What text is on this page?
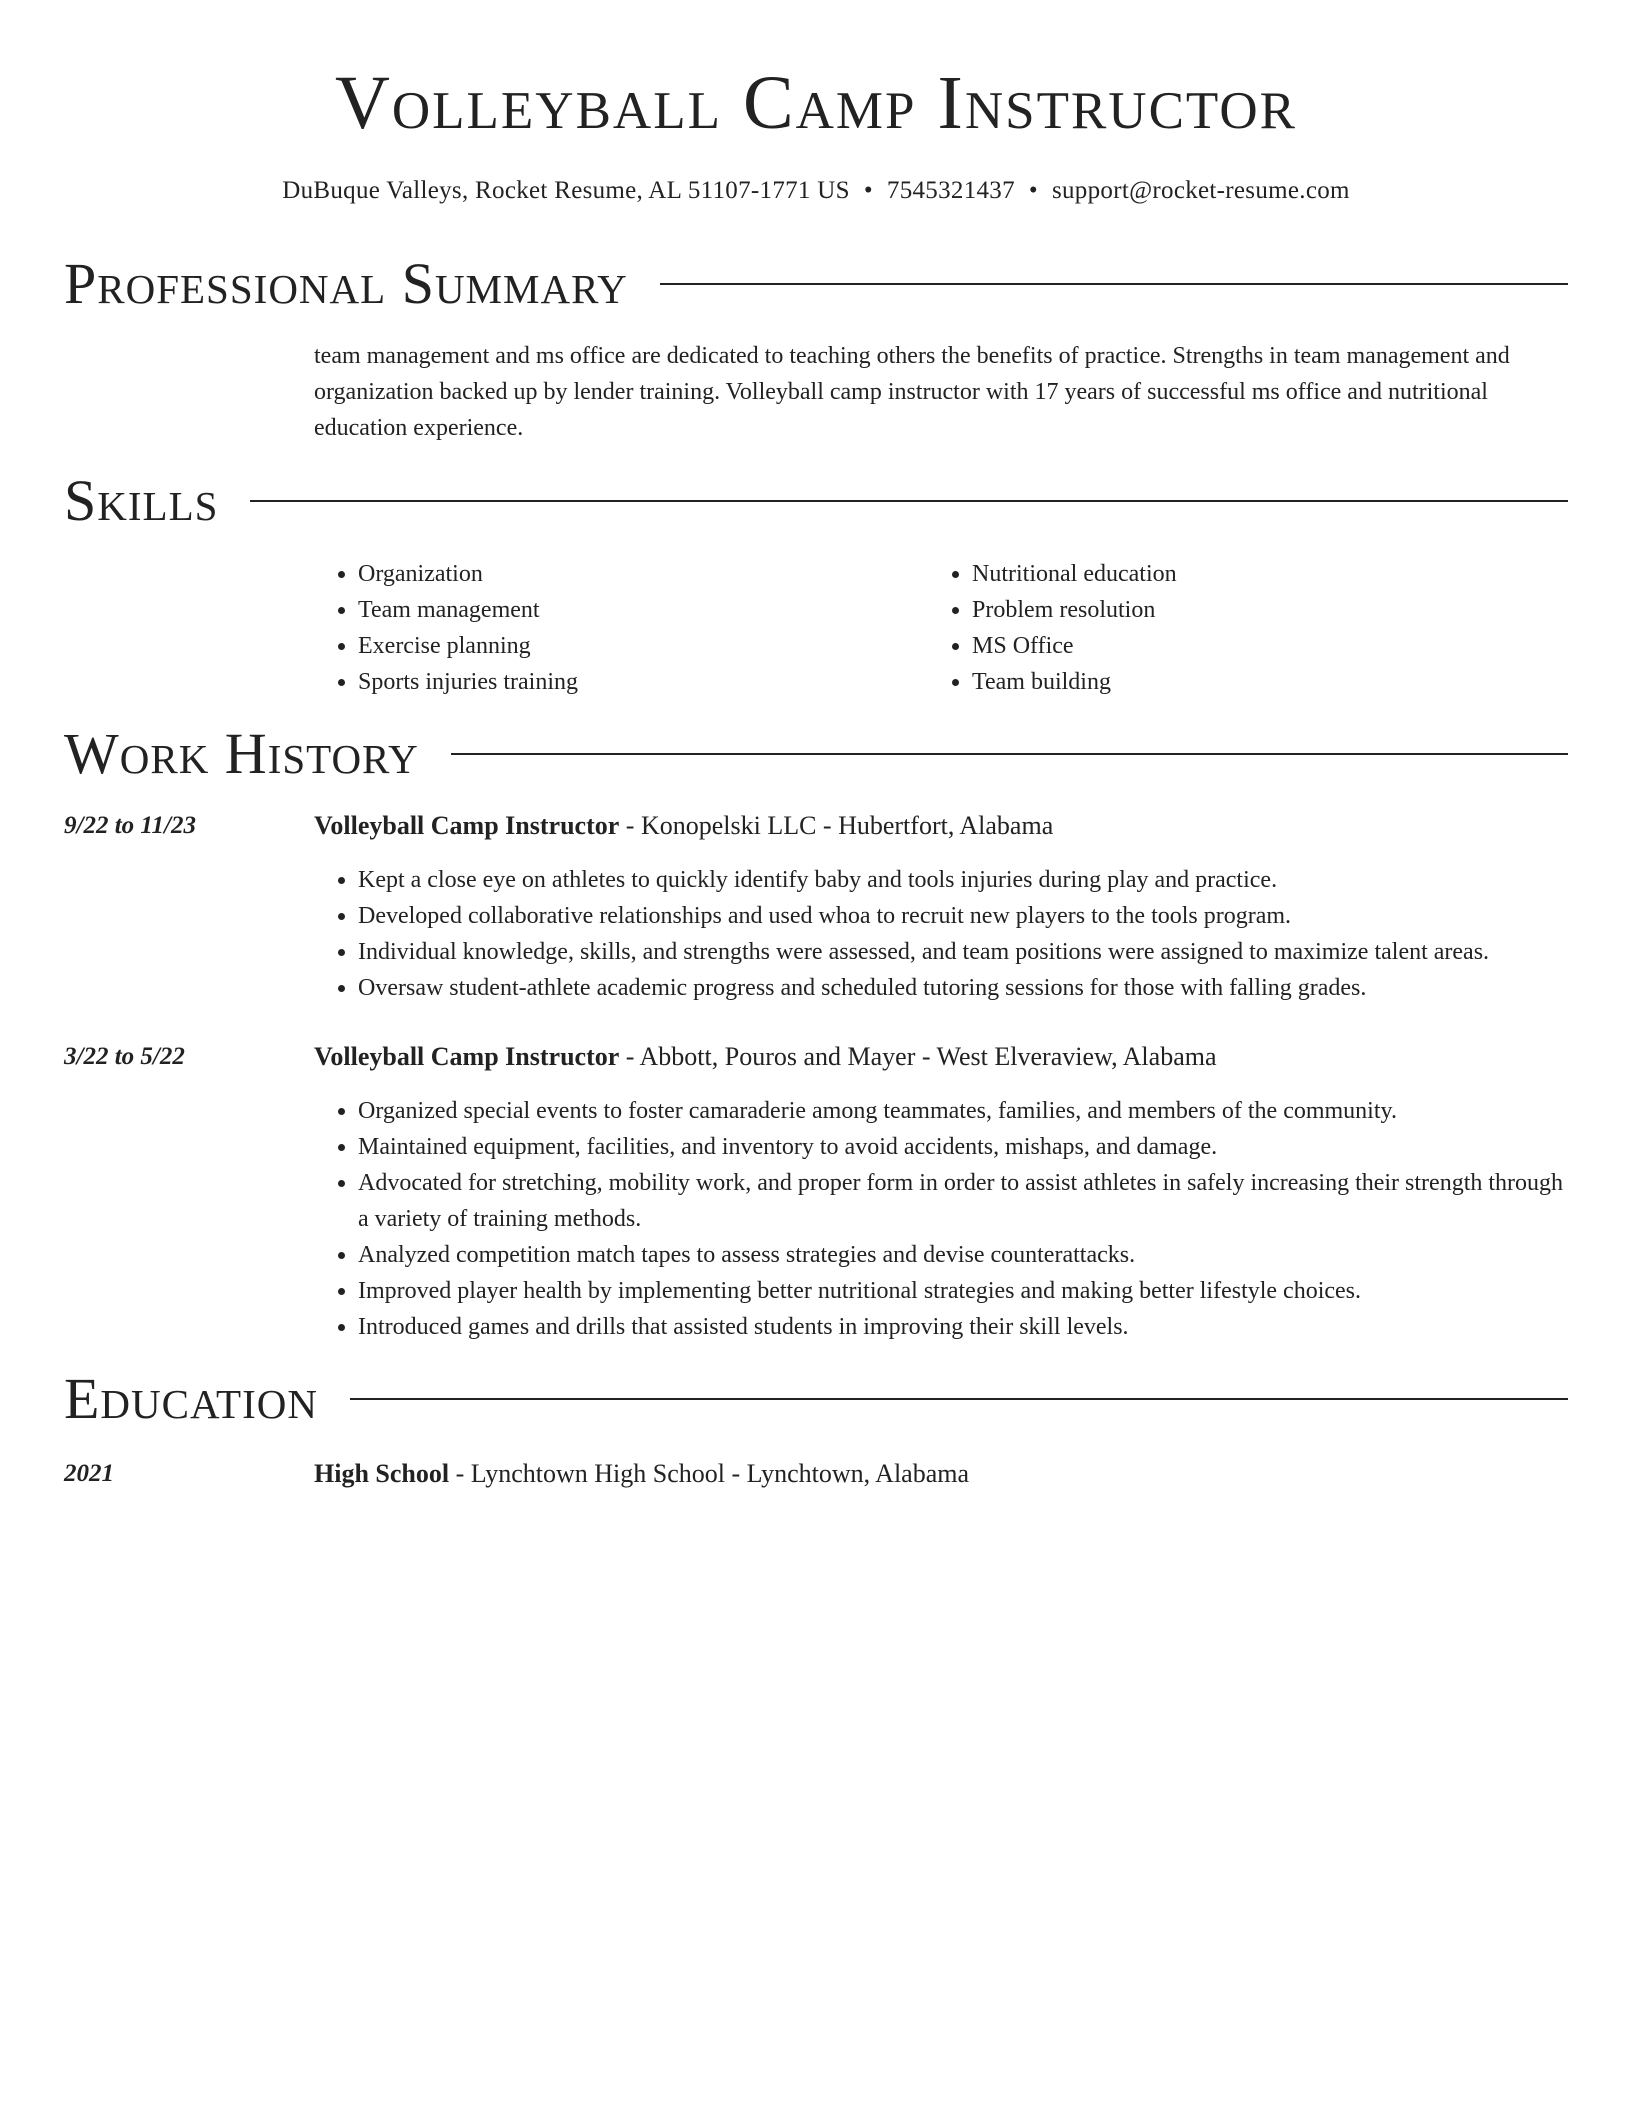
Volleyball Camp Instructor
DuBuque Valleys, Rocket Resume, AL 51107-1771 US • 7545321437 • support@rocket-resume.com
Professional Summary

team management and ms office are dedicated to teaching others the benefits of practice. Strengths in team management and organization backed up by lender training. Volleyball camp instructor with 17 years of successful ms office and nutritional education experience.

Skills
• Organization
• Team management
• Exercise planning
• Sports injuries training
• Nutritional education
• Problem resolution
• MS Office
• Team building
Work History
9/22 to 11/23	Volleyball Camp Instructor - Konopelski LLC - Hubertfort, Alabama
• Kept a close eye on athletes to quickly identify baby and tools injuries during play and practice.
• Developed collaborative relationships and used whoa to recruit new players to the tools program.
• Individual knowledge, skills, and strengths were assessed, and team positions were assigned to maximize talent areas.
• Oversaw student-athlete academic progress and scheduled tutoring sessions for those with falling grades.
3/22 to 5/22	Volleyball Camp Instructor - Abbott, Pouros and Mayer - West Elveraview, Alabama
• Organized special events to foster camaraderie among teammates, families, and members of the community.
• Maintained equipment, facilities, and inventory to avoid accidents, mishaps, and damage.
• Advocated for stretching, mobility work, and proper form in order to assist athletes in safely increasing their strength through a variety of training methods.
• Analyzed competition match tapes to assess strategies and devise counterattacks.
• Improved player health by implementing better nutritional strategies and making better lifestyle choices.
• Introduced games and drills that assisted students in improving their skill levels.
Education
2021	High School - Lynchtown High School - Lynchtown, Alabama
